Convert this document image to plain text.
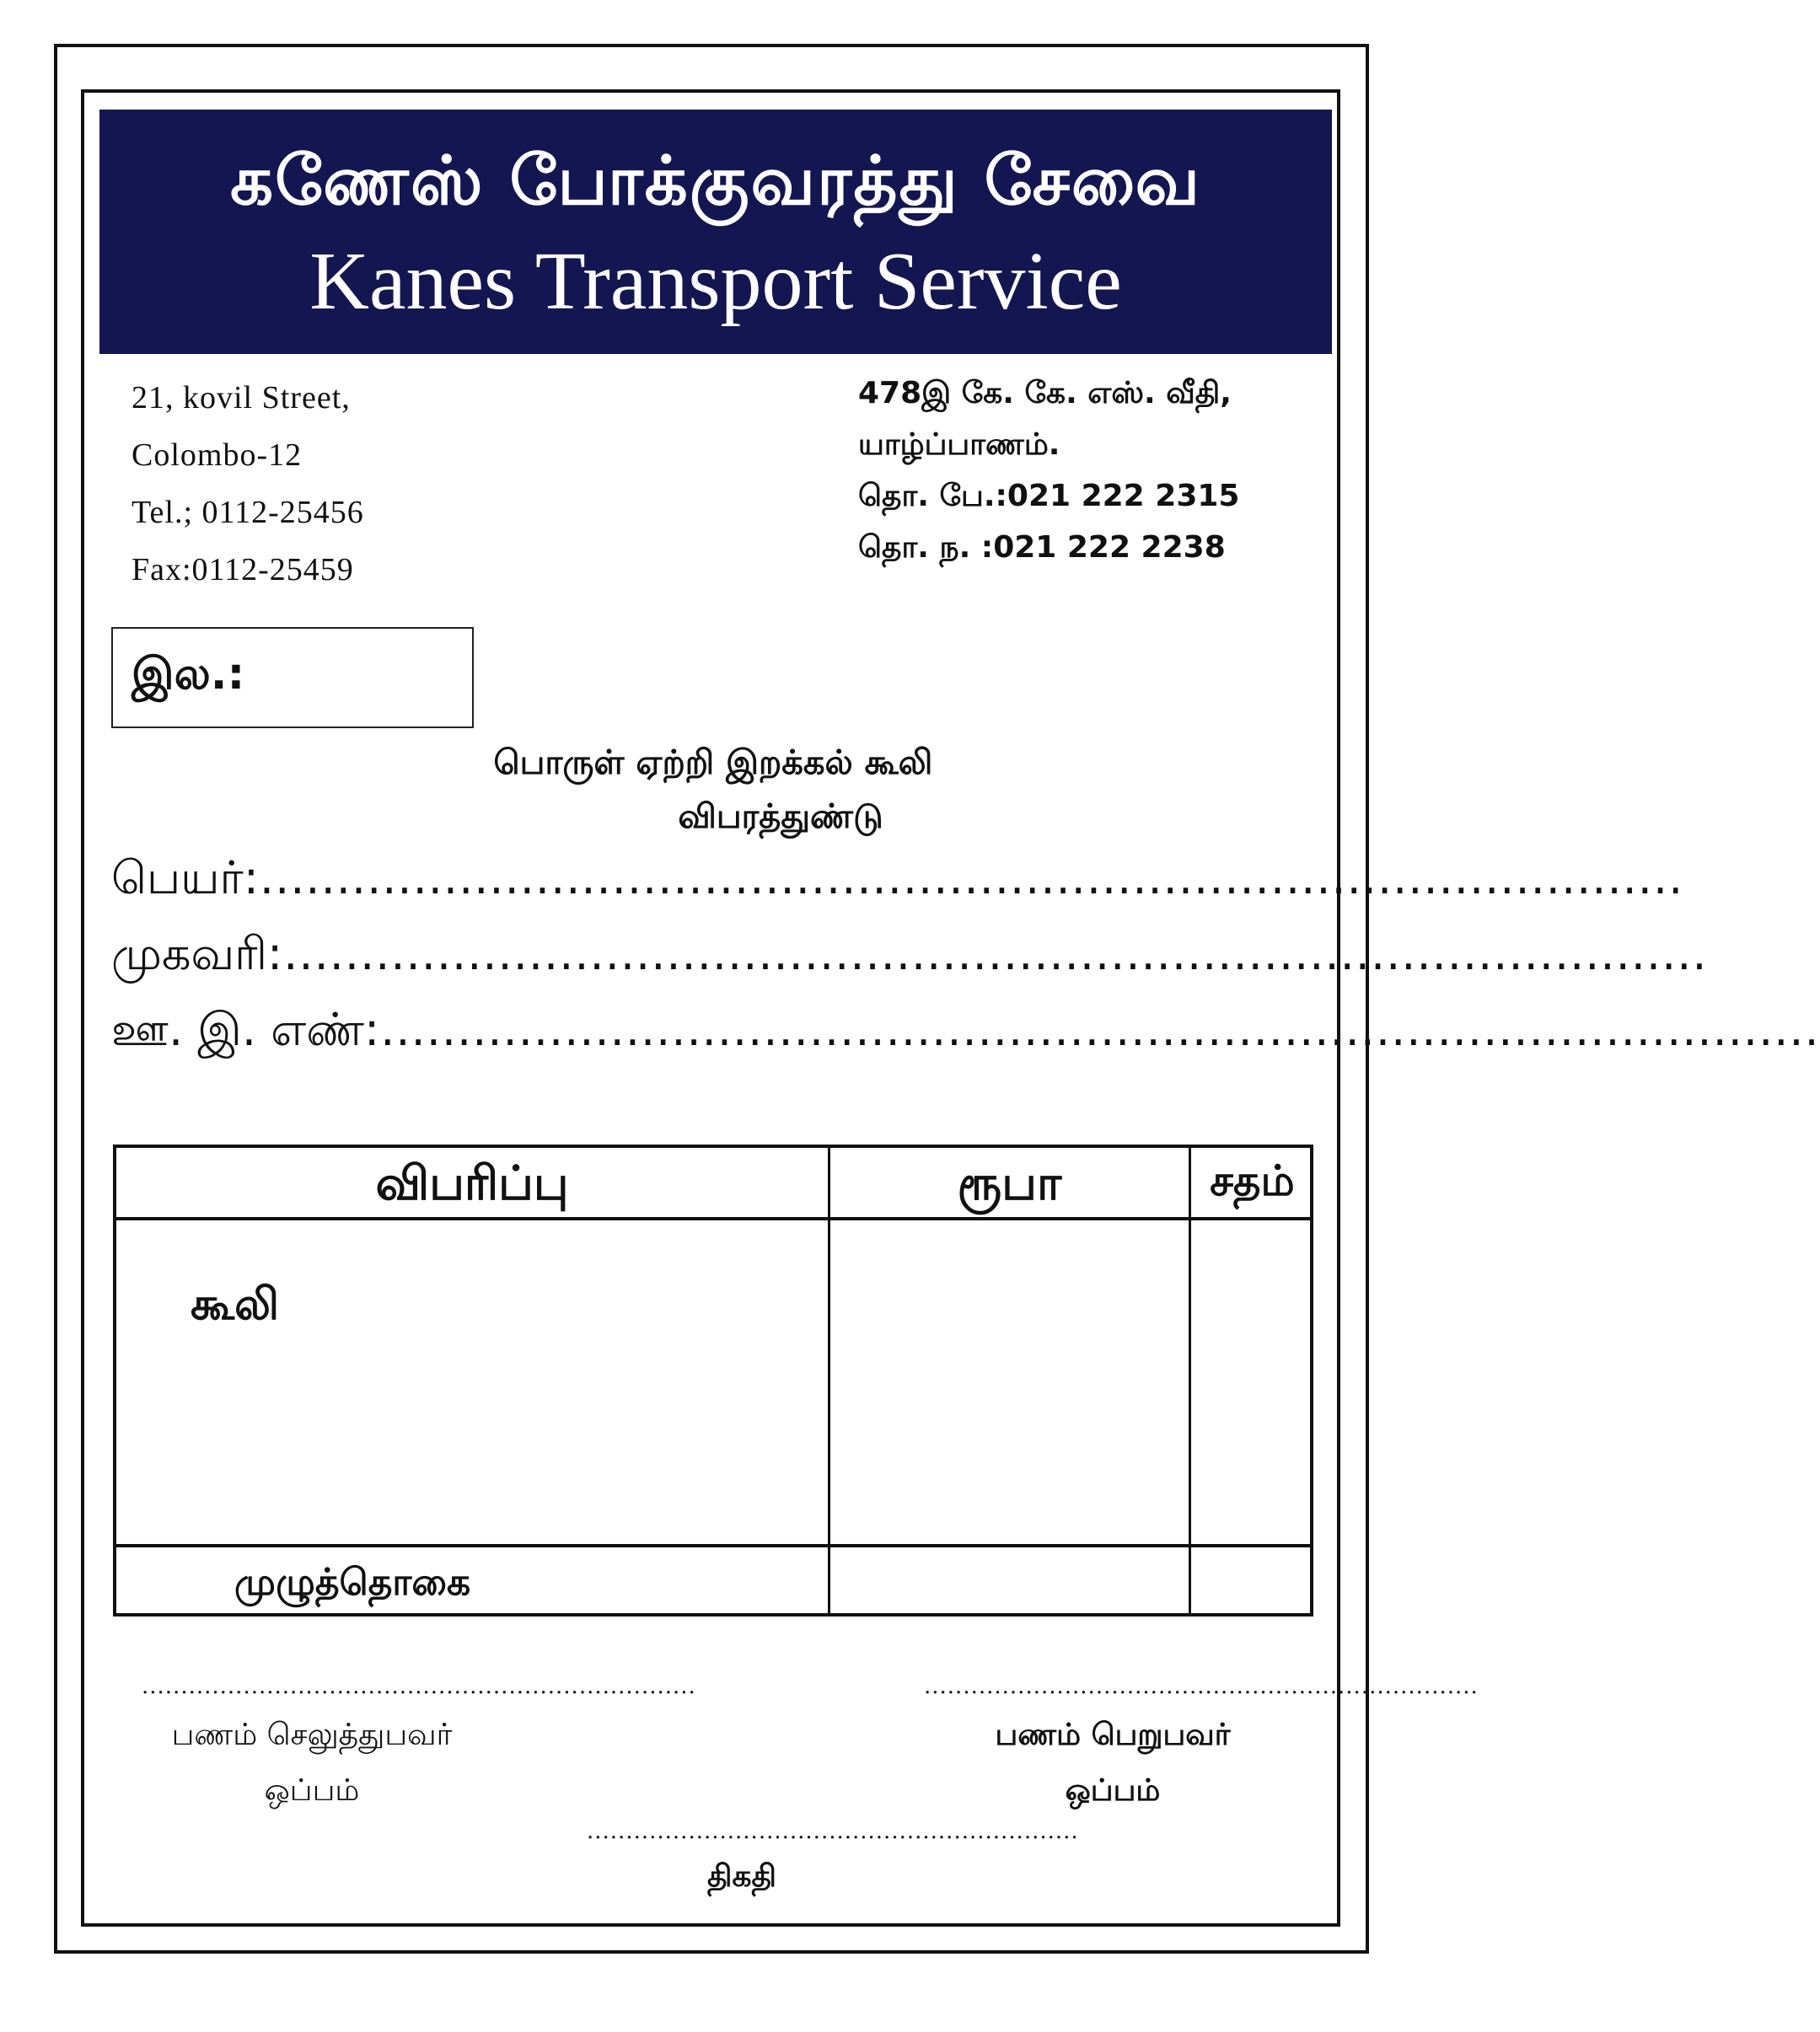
கணேஸ் போக்குவரத்து சேவை
Kanes Transport Service
21, kovil Street,
Colombo-12
Tel.; 0112-25456
Fax:0112-25459
478இ கே. கே. எஸ். வீதி,
யாழ்ப்பாணம்.
தொ. பே.:021 222 2315
தொ. ந. :021 222 2238
இல.:
பொருள் ஏற்றி இறக்கல் கூலி
விபரத்துண்டு
பெயர் :.............................................................................................
முகவரி :.............................................................................................
ஊ. இ. எண் :..............................................................................................
விபரிப்பு	ரூபா	சதம்
கூலி
முழுத்தொகை
.......................................................................
பணம் செலுத்துபவர்
ஒப்பம்
.......................................................................
பணம் பெறுபவர்
ஒப்பம்
...............................................................
திகதி
